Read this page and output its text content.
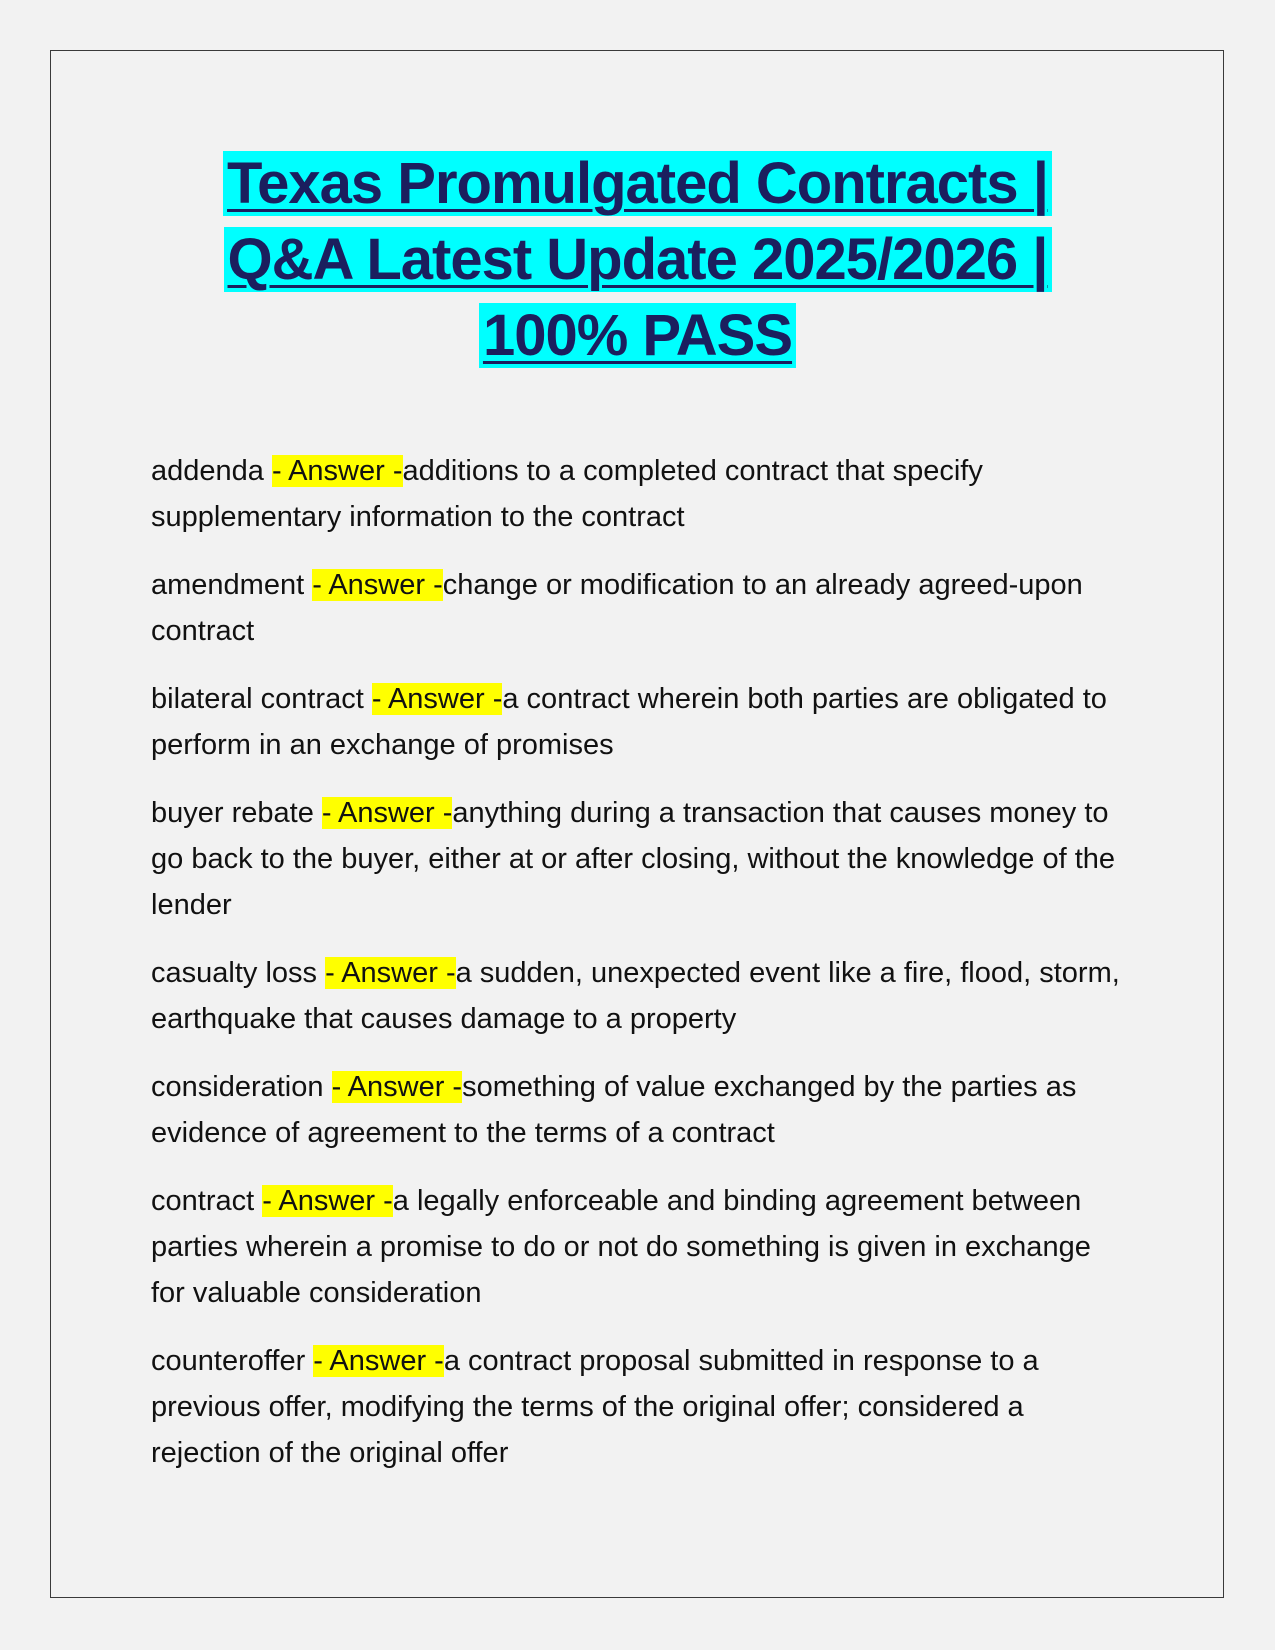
Texas Promulgated Contracts |
Q&A Latest Update 2025/2026 |
100% PASS

addenda - Answer -additions to a completed contract that specify supplementary information to the contract

amendment - Answer -change or modification to an already agreed-upon contract

bilateral contract - Answer -a contract wherein both parties are obligated to perform in an exchange of promises

buyer rebate - Answer -anything during a transaction that causes money to go back to the buyer, either at or after closing, without the knowledge of the lender

casualty loss - Answer -a sudden, unexpected event like a fire, flood, storm, earthquake that causes damage to a property

consideration - Answer -something of value exchanged by the parties as evidence of agreement to the terms of a contract

contract - Answer -a legally enforceable and binding agreement between parties wherein a promise to do or not do something is given in exchange for valuable consideration

counteroffer - Answer -a contract proposal submitted in response to a previous offer, modifying the terms of the original offer; considered a rejection of the original offer
